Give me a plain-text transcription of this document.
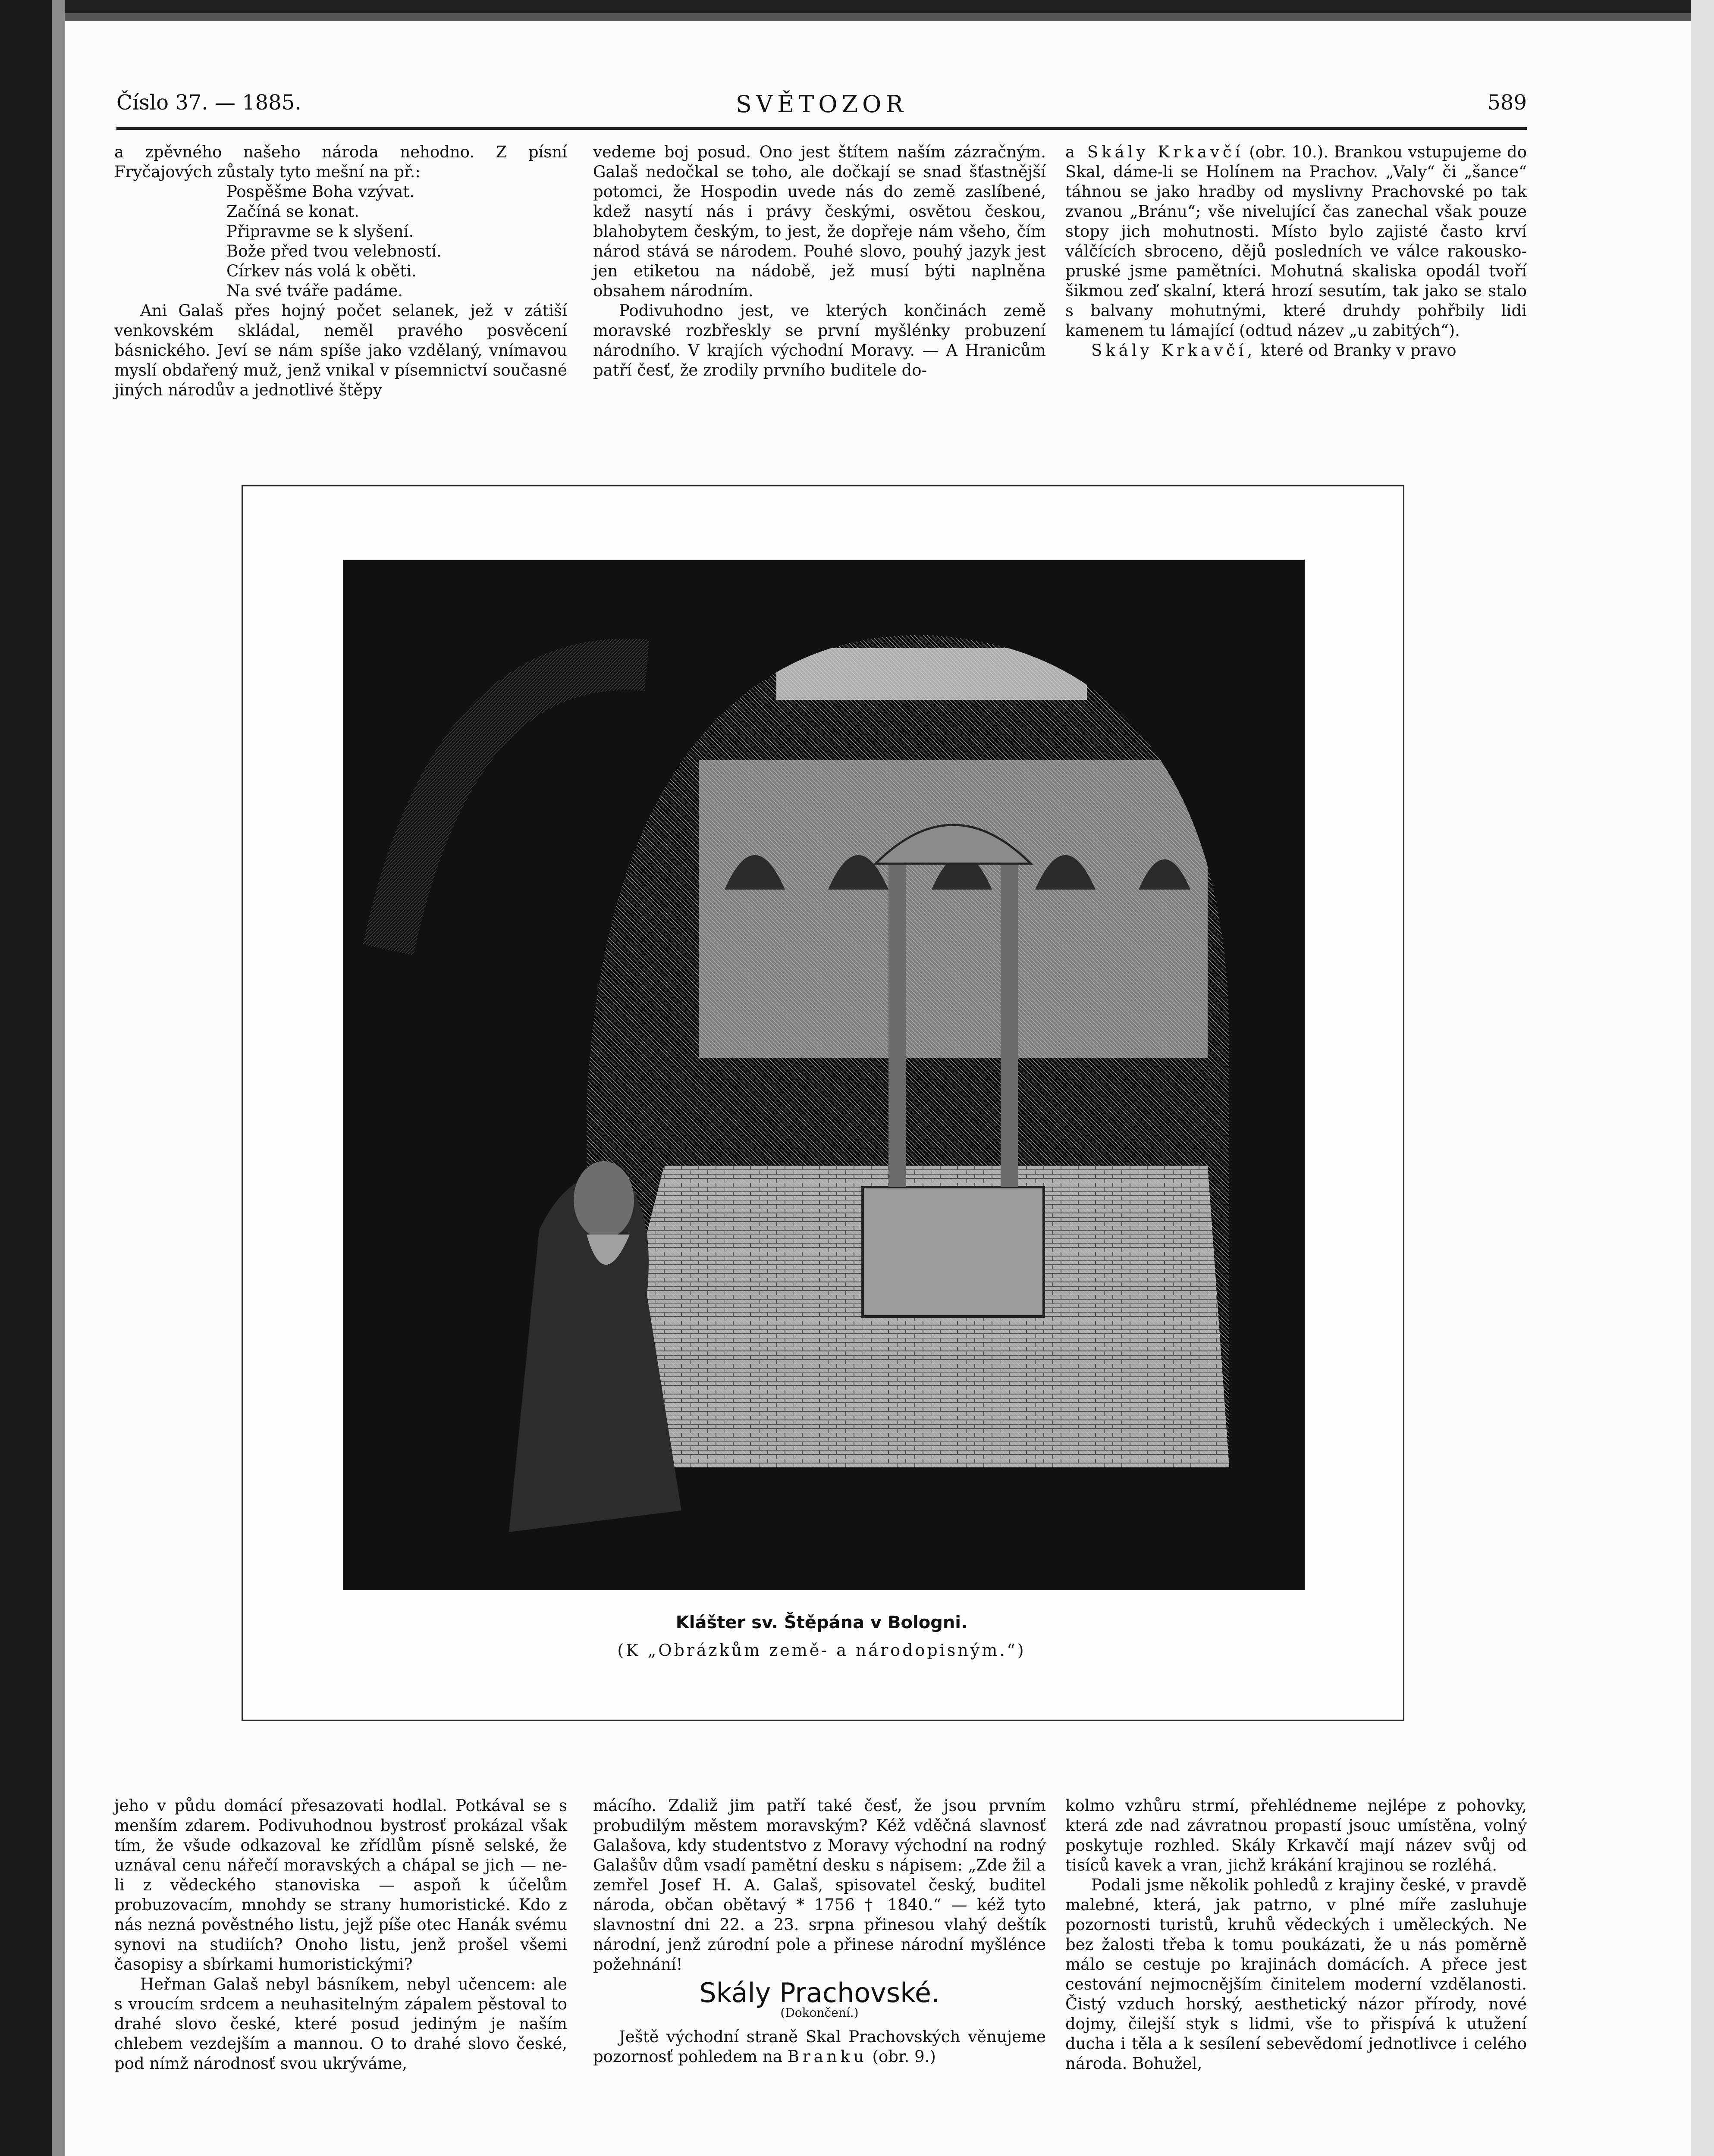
Číslo 37. — 1885.	SVĚTOZOR	589

a zpěvného našeho národa nehodno. Z písní Fryčajových zůstaly tyto mešní na př.:

Pospěšme Boha vzývat.
Začíná se konat.
Připravme se k slyšení.
Bože před tvou velebností.
Církev nás volá k oběti.
Na své tváře padáme.

Ani Galaš přes hojný počet selanek, jež v zátiší venkovském skládal, neměl pravého posvěcení básnického. Jeví se nám spíše jako vzdělaný, vnímavou myslí obdařený muž, jenž vnikal v písemnictví současné jiných národův a jednotlivé štěpy

vedeme boj posud. Ono jest štítem naším zázračným. Galaš nedočkal se toho, ale dočkají se snad šťastnější potomci, že Hospodin uvede nás do země zaslíbené, kdež nasytí nás i právy českými, osvětou českou, blahobytem českým, to jest, že dopřeje nám všeho, čím národ stává se národem. Pouhé slovo, pouhý jazyk jest jen etiketou na nádobě, jež musí býti naplněna obsahem národním.

Podivuhodno jest, ve kterých končinách země moravské rozbřeskly se první myšlénky probuzení národního. V krajích východní Moravy. — A Hranicům patří česť, že zrodily prvního buditele do-

a Skály Krkavčí (obr. 10.). Brankou vstupujeme do Skal, dáme-li se Holínem na Prachov. „Valy“ či „šance“ táhnou se jako hradby od myslivny Prachovské po tak zvanou „Bránu“; vše nivelující čas zanechal však pouze stopy jich mohutnosti. Místo bylo zajisté často krví válčících sbroceno, dějů posledních ve válce rakousko-pruské jsme pamětníci. Mohutná skaliska opodál tvoří šikmou zeď skalní, která hrozí sesutím, tak jako se stalo s balvany mohutnými, které druhdy pohřbily lidi kamenem tu lámající (odtud název „u zabitých“).

Skály Krkavčí, které od Branky v pravo

Klášter sv. Štěpána v Bologni.
(K „Obrázkům země- a národopisným.“)

jeho v půdu domácí přesazovati hodlal. Potkával se s menším zdarem. Podivuhodnou bystrosť prokázal však tím, že všude odkazoval ke zřídlům písně selské, že uznával cenu nářečí moravských a chápal se jich — ne-li z vědeckého stanoviska — aspoň k účelům probuzovacím, mnohdy se strany humoristické. Kdo z nás nezná pověstného listu, jejž píše otec Hanák svému synovi na studiích? Onoho listu, jenž prošel všemi časopisy a sbírkami humoristickými?

Heřman Galaš nebyl básníkem, nebyl učencem: ale s vroucím srdcem a neuhasitelným zápalem pěstoval to drahé slovo české, které posud jediným je naším chlebem vezdejším a mannou. O to drahé slovo české, pod nímž národnosť svou ukrýváme,

mácího. Zdaliž jim patří také česť, že jsou prvním probudilým městem moravským? Kéž vděčná slavnosť Galašova, kdy studentstvo z Moravy východní na rodný Galašův dům vsadí pamětní desku s nápisem: „Zde žil a zemřel Josef H. A. Galaš, spisovatel český, buditel národa, občan obětavý * 1756 † 1840.“ — kéž tyto slavnostní dni 22. a 23. srpna přinesou vlahý deštík národní, jenž zúrodní pole a přinese národní myšlénce požehnání!

Skály Prachovské.
(Dokončení.)

Ještě východní straně Skal Prachovských věnujeme pozornosť pohledem na Branku (obr. 9.)

kolmo vzhůru strmí, přehlédneme nejlépe z pohovky, která zde nad závratnou propastí jsouc umístěna, volný poskytuje rozhled. Skály Krkavčí mají název svůj od tisíců kavek a vran, jichž krákání krajinou se rozléhá.

Podali jsme několik pohledů z krajiny české, v pravdě malebné, která, jak patrno, v plné míře zasluhuje pozornosti turistů, kruhů vědeckých i uměleckých. Ne bez žalosti třeba k tomu poukázati, že u nás poměrně málo se cestuje po krajinách domácích. A přece jest cestování nejmocnějším činitelem moderní vzdělanosti. Čistý vzduch horský, aesthetický názor přírody, nové dojmy, čilejší styk s lidmi, vše to přispívá k utužení ducha i těla a k sesílení sebevědomí jednotlivce i celého národa. Bohužel,
